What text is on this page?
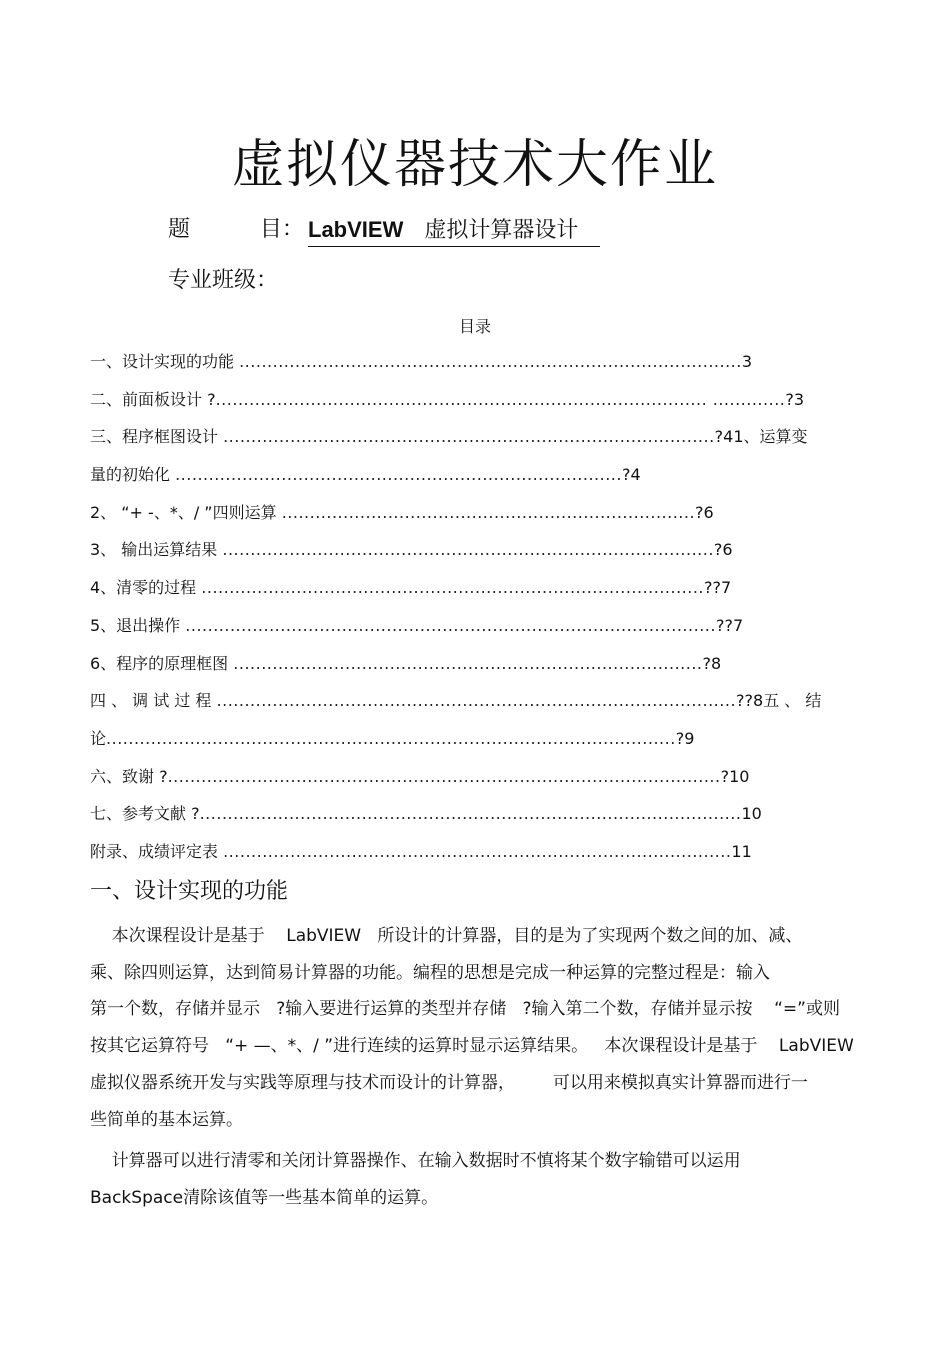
虚拟仪器技术大作业
题          目： LabVIEW   虚拟计算器设计
专业班级：
目录
一、设计实现的功能 ..........................................................................................3
二、前面板设计 ?........................................................................................ .............?3
三、程序框图设计 ........................................................................................?41、运算变
量的初始化 ................................................................................?4
2、 “+ -、*、/ ”四则运算 ..........................................................................?6
3、 输出运算结果 ........................................................................................?6
4、清零的过程 ..........................................................................................??7
5、退出操作 ...............................................................................................??7
6、程序的原理框图 ....................................................................................?8
四 、 调 试 过 程 .............................................................................................??8五 、 结
论......................................................................................................?9
六、致谢 ?...................................................................................................?10
七、参考文献 ?.................................................................................................10
附录、成绩评定表 ...........................................................................................11
一、设计实现的功能

本次课程设计是基于    LabVIEW   所设计的计算器，目的是为了实现两个数之间的加、减、
乘、除四则运算，达到简易计算器的功能。编程的思想是完成一种运算的完整过程是：输入
第一个数，存储并显示   ?输入要进行运算的类型并存储   ?输入第二个数，存储并显示按    “=”或则
按其它运算符号   “+ —、*、/ ”进行连续的运算时显示运算结果。   本次课程设计是基于    LabVIEW
虚拟仪器系统开发与实践等原理与技术而设计的计算器，       可以用来模拟真实计算器而进行一
些简单的基本运算。

计算器可以进行清零和关闭计算器操作、在输入数据时不慎将某个数字输错可以运用
BackSpace清除该值等一些基本简单的运算。
